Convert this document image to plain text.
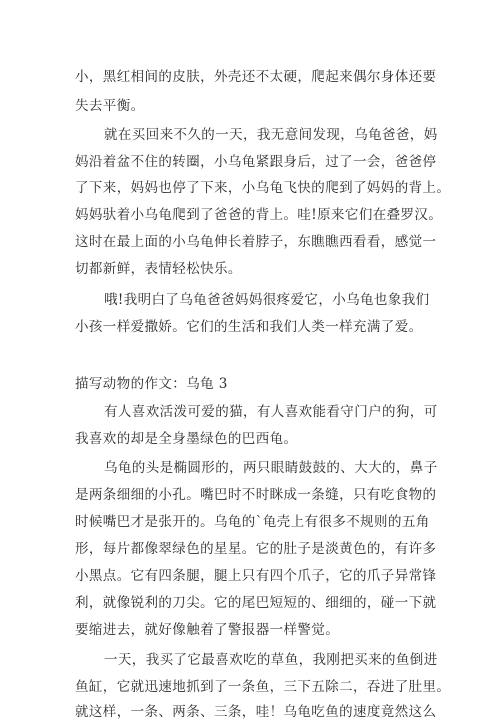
小，黑红相间的皮肤，外壳还不太硬，爬起来偶尔身体还要
失去平衡。
就在买回来不久的一天，我无意间发现，乌龟爸爸，妈
妈沿着盆不住的转圈，小乌龟紧跟身后，过了一会，爸爸停
了下来，妈妈也停了下来，小乌龟飞快的爬到了妈妈的背上。
妈妈驮着小乌龟爬到了爸爸的背上。哇!原来它们在叠罗汉。
这时在最上面的小乌龟伸长着脖子，东瞧瞧西看看，感觉一
切都新鲜，表情轻松快乐。
哦!我明白了乌龟爸爸妈妈很疼爱它，小乌龟也象我们
小孩一样爱撒娇。它们的生活和我们人类一样充满了爱。
描写动物的作文：乌龟 3
有人喜欢活泼可爱的猫，有人喜欢能看守门户的狗，可
我喜欢的却是全身墨绿色的巴西龟。
乌龟的头是椭圆形的，两只眼睛鼓鼓的、大大的，鼻子
是两条细细的小孔。嘴巴时不时眯成一条缝，只有吃食物的
时候嘴巴才是张开的。乌龟的`龟壳上有很多不规则的五角
形，每片都像翠绿色的星星。它的肚子是淡黄色的，有许多
小黑点。它有四条腿，腿上只有四个爪子，它的爪子异常锋
利，就像锐利的刀尖。它的尾巴短短的、细细的，碰一下就
要缩进去，就好像触着了警报器一样警觉。
一天，我买了它最喜欢吃的草鱼，我刚把买来的鱼倒进
鱼缸，它就迅速地抓到了一条鱼，三下五除二，吞进了肚里。
就这样，一条、两条、三条，哇！乌龟吃鱼的速度竟然这么
